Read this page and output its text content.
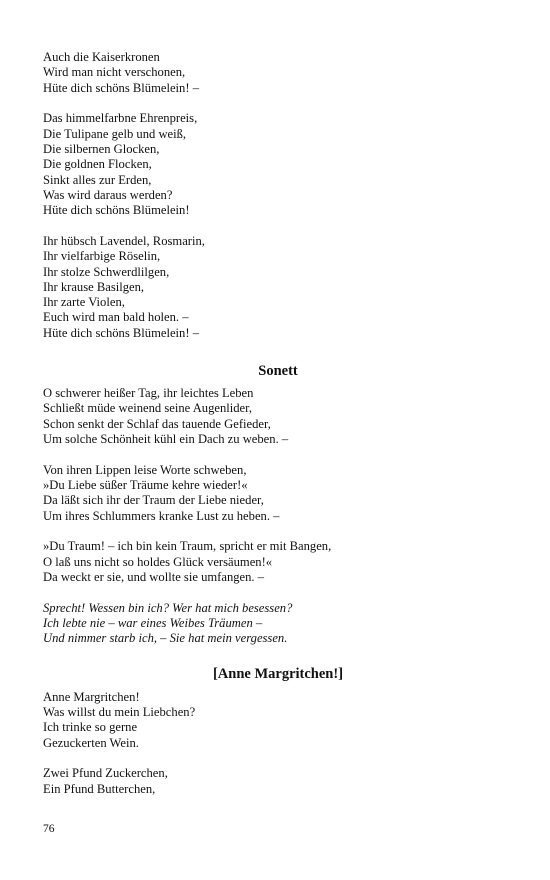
Auch die Kaiserkronen
Wird man nicht verschonen,
Hüte dich schöns Blümelein! –
Das himmelfarbne Ehrenpreis,
Die Tulipane gelb und weiß,
Die silbernen Glocken,
Die goldnen Flocken,
Sinkt alles zur Erden,
Was wird daraus werden?
Hüte dich schöns Blümelein!
Ihr hübsch Lavendel, Rosmarin,
Ihr vielfarbige Röselin,
Ihr stolze Schwerdlilgen,
Ihr krause Basilgen,
Ihr zarte Violen,
Euch wird man bald holen. –
Hüte dich schöns Blümelein! –
Sonett
O schwerer heißer Tag, ihr leichtes Leben
Schließt müde weinend seine Augenlider,
Schon senkt der Schlaf das tauende Gefieder,
Um solche Schönheit kühl ein Dach zu weben. –
Von ihren Lippen leise Worte schweben,
»Du Liebe süßer Träume kehre wieder!«
Da läßt sich ihr der Traum der Liebe nieder,
Um ihres Schlummers kranke Lust zu heben. –
»Du Traum! – ich bin kein Traum, spricht er mit Bangen,
O laß uns nicht so holdes Glück versäumen!«
Da weckt er sie, und wollte sie umfangen. –
Sprecht! Wessen bin ich? Wer hat mich besessen?
Ich lebte nie – war eines Weibes Träumen –
Und nimmer starb ich, – Sie hat mein vergessen.
[Anne Margritchen!]
Anne Margritchen!
Was willst du mein Liebchen?
Ich trinke so gerne
Gezuckerten Wein.
Zwei Pfund Zuckerchen,
Ein Pfund Butterchen,
76
